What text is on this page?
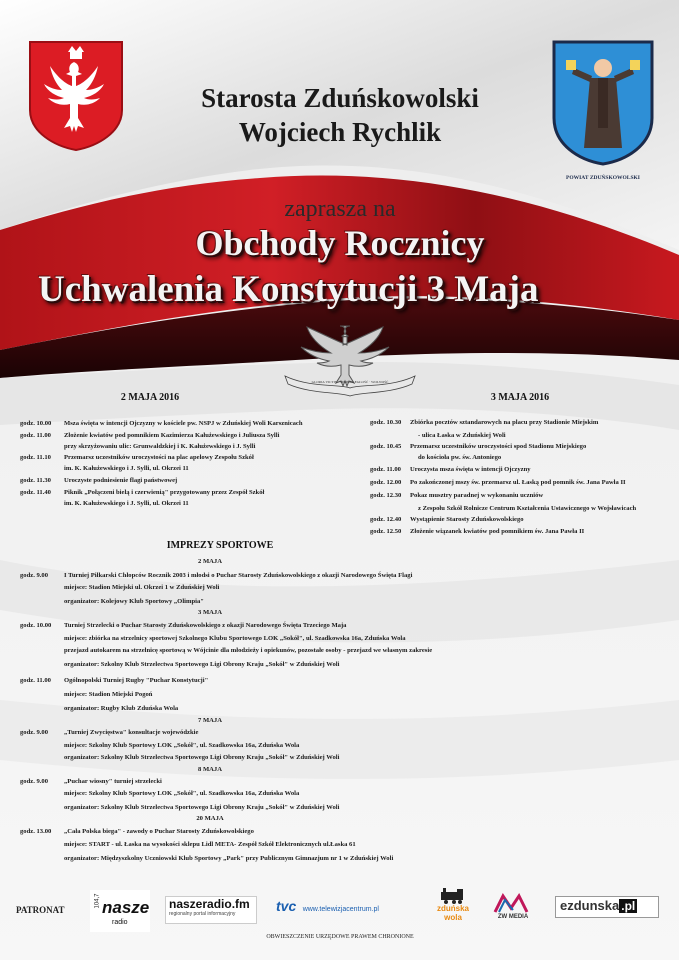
Starosta Zduńskowolski
Wojciech Rychlik
POWIAT ZDUŃSKOWOLSKI
zaprasza na
Obchody Rocznicy
Uchwalenia Konstytucji 3 Maja
GLORIA VICTIS · NIEPODLEGŁOŚĆ · WOLNOŚĆ
2 MAJA 2016
godz. 10.00 Msza święta w intencji Ojczyzny w kościele pw. NSPJ w Zduńskiej Woli Karsznicach
godz. 11.00 Złożenie kwiatów pod pomnikiem Kazimierza Kałużewskiego i Juliusza Sylli
przy skrzyżowaniu ulic: Grunwaldzkiej i K. Kałużewskiego i J. Sylli
godz. 11.10 Przemarsz uczestników uroczystości na plac apelowy Zespołu Szkół
im. K. Kałużewskiego i J. Sylli, ul. Okrzei 11
godz. 11.30 Uroczyste podniesienie flagi państwowej
godz. 11.40 Piknik „Połączeni bielą i czerwienią" przygotowany przez Zespół Szkół
im. K. Kałużewskiego i J. Sylli, ul. Okrzei 11
3 MAJA 2016
godz. 10.30 Zbiórka pocztów sztandarowych na placu przy Stadionie Miejskim
- ulica Łaska w Zduńskiej Woli
godz. 10.45 Przemarsz uczestników uroczystości spod Stadionu Miejskiego
do kościoła pw. św. Antoniego
godz. 11.00 Uroczysta msza święta w intencji Ojczyzny
godz. 12.00 Po zakończonej mszy św. przemarsz ul. Łaską pod pomnik św. Jana Pawła II
godz. 12.30 Pokaz musztry paradnej w wykonaniu uczniów
z Zespołu Szkół Rolnicze Centrum Kształcenia Ustawicznego w Wojsławicach
godz. 12.40 Wystąpienie Starosty Zduńskowolskiego
godz. 12.50 Złożenie wiązanek kwiatów pod pomnikiem św. Jana Pawła II
IMPREZY SPORTOWE
2 MAJA
godz. 9.00 I Turniej Piłkarski Chłopców Rocznik 2003 i młodsi o Puchar Starosty Zduńskowolskiego z okazji Narodowego Święta Flagi
miejsce: Stadion Miejski ul. Okrzei 1 w Zduńskiej Woli
organizator: Kolejowy Klub Sportowy „Olimpia"
3 MAJA
godz. 10.00 Turniej Strzelecki o Puchar Starosty Zduńskowolskiego z okazji Narodowego Święta Trzeciego Maja
miejsce: zbiórka na strzelnicy sportowej Szkolnego Klubu Sportowego LOK „Sokół", ul. Szadkowska 16a, Zduńska Wola
przejazd autokarem na strzelnicę sportową w Wójcinie dla młodzieży i opiekunów, pozostałe osoby - przejazd we własnym zakresie
organizator: Szkolny Klub Strzelectwa Sportowego Ligi Obrony Kraju „Sokół" w Zduńskiej Woli
godz. 11.00 Ogólnopolski Turniej Rugby "Puchar Konstytucji"
miejsce: Stadion Miejski Pogoń
organizator: Rugby Klub Zduńska Wola
7 MAJA
godz. 9.00 „Turniej Zwycięstwa" konsultacje wojewódzkie
miejsce: Szkolny Klub Sportowy LOK „Sokół", ul. Szadkowska 16a, Zduńska Wola
organizator: Szkolny Klub Strzelectwa Sportowego Ligi Obrony Kraju „Sokół" w Zduńskiej Woli
8 MAJA
godz. 9.00 „Puchar wiosny" turniej strzelecki
miejsce: Szkolny Klub Sportowy LOK „Sokół", ul. Szadkowska 16a, Zduńska Wola
organizator: Szkolny Klub Strzelectwa Sportowego Ligi Obrony Kraju „Sokół" w Zduńskiej Woli
20 MAJA
godz. 13.00 „Cała Polska biega" - zawody o Puchar Starosty Zduńskowolskiego
miejsce: START - ul. Łaska na wysokości sklepu Lidl META- Zespół Szkół Elektronicznych ul.Łaska 61
organizator: Międzyszkolny Uczniowski Klub Sportowy „Park" przy Publicznym Gimnazjum nr 1 w Zduńskiej Woli
PATRONAT
104,7 nasze
radio
naszeradio.fm
regionalny portal informacyjny	tvc www.telewizjacentrum.pl	zduńska
wola	ZW MEDIA
ezdunska .pl
OBWIESZCZENIE URZĘDOWE PRAWEM CHRONIONE
